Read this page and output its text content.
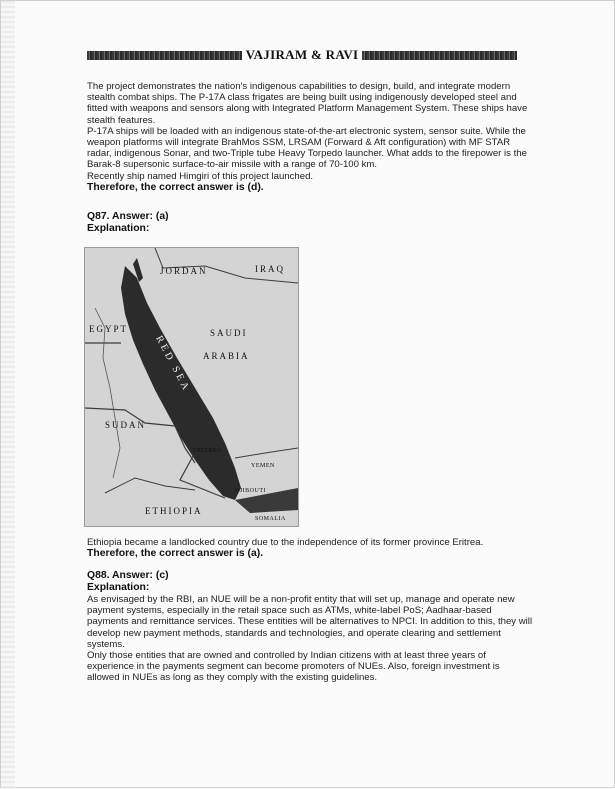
VAJIRAM & RAVI

The project demonstrates the nation's indigenous capabilities to design, build, and integrate modern stealth combat ships. The P-17A class frigates are being built using indigenously developed steel and fitted with weapons and sensors along with Integrated Platform Management System. These ships have stealth features.

P-17A ships will be loaded with an indigenous state-of-the-art electronic system, sensor suite. While the weapon platforms will integrate BrahMos SSM, LRSAM (Forward & Aft configuration) with MF STAR radar, indigenous Sonar, and two-Triple tube Heavy Torpedo launcher. What adds to the firepower is the Barak-8 supersonic surface-to-air missile with a range of 70-100 km.

Recently ship named Himgiri of this project launched.

Therefore, the correct answer is (d).

Q87. Answer: (a)

Explanation:

JORDAN	IRAQ
EGYPT	SAUDI
ARABIA
RED SEA
SUDAN
ERITREA
YEMEN
DJIBOUTI
ETHIOPIA
SOMALIA

Ethiopia became a landlocked country due to the independence of its former province Eritrea.

Therefore, the correct answer is (a).

Q88. Answer: (c)

Explanation:

As envisaged by the RBI, an NUE will be a non-profit entity that will set up, manage and operate new payment systems, especially in the retail space such as ATMs, white-label PoS; Aadhaar-based payments and remittance services. These entities will be alternatives to NPCI. In addition to this, they will develop new payment methods, standards and technologies, and operate clearing and settlement systems.

Only those entities that are owned and controlled by Indian citizens with at least three years of experience in the payments segment can become promoters of NUEs. Also, foreign investment is allowed in NUEs as long as they comply with the existing guidelines.
